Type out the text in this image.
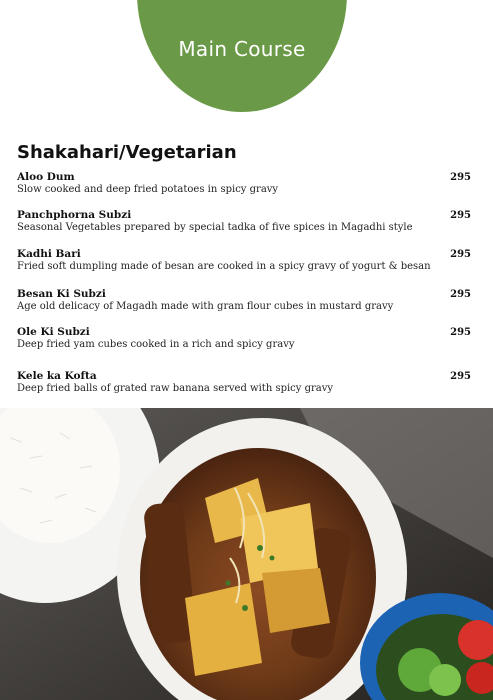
Main Course
Shakahari/Vegetarian
Aloo Dum
Slow cooked and deep fried potatoes in spicy gravy
295
Panchphorna Subzi
Seasonal Vegetables prepared by special tadka of five spices in Magadhi style
295
Kadhi Bari
Fried soft dumpling made of besan are cooked in a spicy gravy of yogurt & besan
295
Besan Ki Subzi
Age old delicacy of Magadh made with gram flour cubes in mustard gravy
295
Ole Ki Subzi
Deep fried yam cubes cooked in a rich and spicy gravy
295
Kele ka Kofta
Deep fried balls of grated raw banana served with spicy gravy
295
